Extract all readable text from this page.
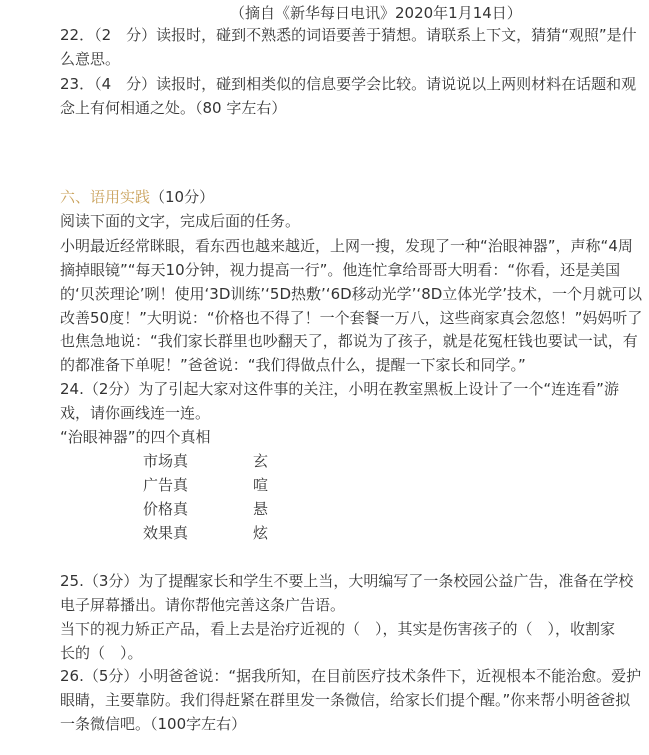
（摘自《新华每日电讯》2020年1月14日）
22．（2　分）读报时，碰到不熟悉的词语要善于猜想。请联系上下文，猜猜“观照”是什
么意思。
23．（4　分）读报时，碰到相类似的信息要学会比较。请说说以上两则材料在话题和观
念上有何相通之处。（80 字左右）
六、语用实践（10分）
阅读下面的文字，完成后面的任务。
小明最近经常眯眼，看东西也越来越近，上网一搜，发现了一种“治眼神器”，声称“4周
摘掉眼镜”“每天10分钟，视力提高一行”。他连忙拿给哥哥大明看：“你看，还是美国
的‘贝茨理论’咧！使用‘3D训练’‘5D热敷’‘6D移动光学’‘8D立体光学’技术，一个月就可以
改善50度！”大明说：“价格也不得了！一个套餐一万八，这些商家真会忽悠！”妈妈听了
也焦急地说：“我们家长群里也吵翻天了，都说为了孩子，就是花冤枉钱也要试一试，有
的都准备下单呢！”爸爸说：“我们得做点什么，提醒一下家长和同学。”
24.（2分）为了引起大家对这件事的关注，小明在教室黑板上设计了一个“连连看”游
戏，请你画线连一连。
“治眼神器”的四个真相
市场真
广告真
价格真
效果真
玄
喧
悬
炫
25.（3分）为了提醒家长和学生不要上当，大明编写了一条校园公益广告，准备在学校
电子屏幕播出。请你帮他完善这条广告语。
当下的视力矫正产品，看上去是治疗近视的（　），其实是伤害孩子的（　），收割家
长的（　）。
26.（5分）小明爸爸说：“据我所知，在目前医疗技术条件下，近视根本不能治愈。爱护
眼睛，主要靠防。我们得赶紧在群里发一条微信，给家长们提个醒。”你来帮小明爸爸拟
一条微信吧。（100字左右）
